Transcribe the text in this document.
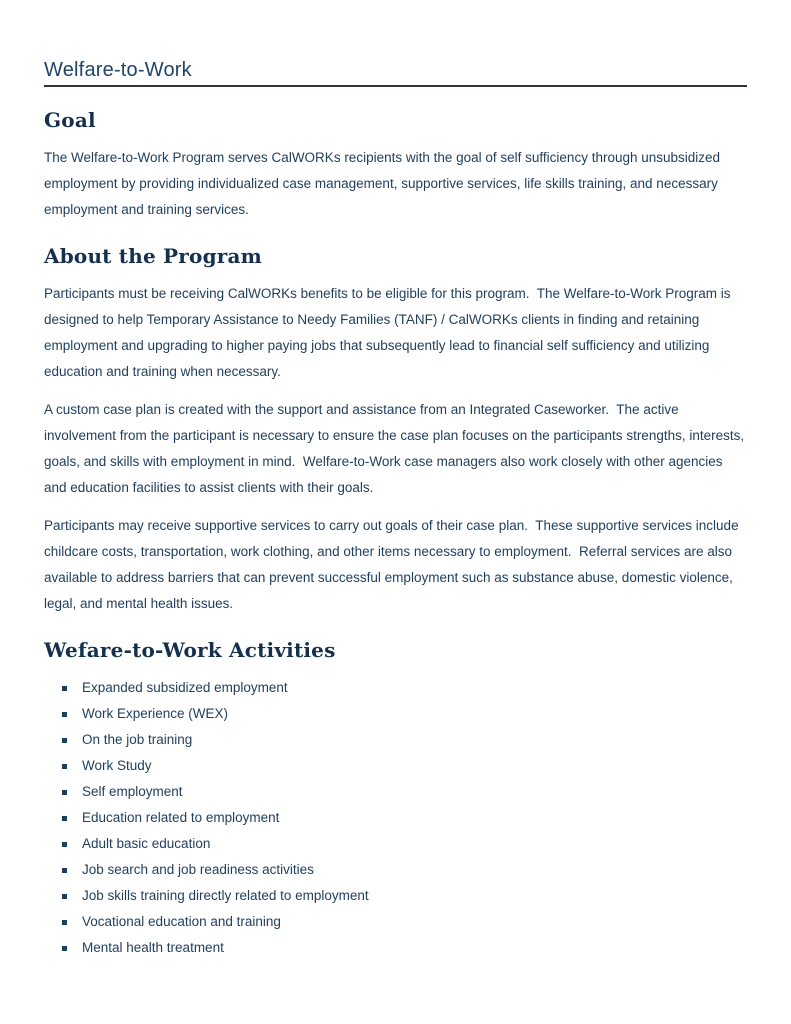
Welfare-to-Work
Goal

The Welfare-to-Work Program serves CalWORKs recipients with the goal of self sufficiency through unsubsidized employment by providing individualized case management, supportive services, life skills training, and necessary employment and training services.

About the Program

Participants must be receiving CalWORKs benefits to be eligible for this program.  The Welfare-to-Work Program is designed to help Temporary Assistance to Needy Families (TANF) / CalWORKs clients in finding and retaining employment and upgrading to higher paying jobs that subsequently lead to financial self sufficiency and utilizing education and training when necessary.

A custom case plan is created with the support and assistance from an Integrated Caseworker.  The active involvement from the participant is necessary to ensure the case plan focuses on the participants strengths, interests, goals, and skills with employment in mind.  Welfare-to-Work case managers also work closely with other agencies and education facilities to assist clients with their goals.

Participants may receive supportive services to carry out goals of their case plan.  These supportive services include childcare costs, transportation, work clothing, and other items necessary to employment.  Referral services are also available to address barriers that can prevent successful employment such as substance abuse, domestic violence, legal, and mental health issues.

Wefare-to-Work Activities
Expanded subsidized employment
Work Experience (WEX)
On the job training
Work Study
Self employment
Education related to employment
Adult basic education
Job search and job readiness activities
Job skills training directly related to employment
Vocational education and training
Mental health treatment
